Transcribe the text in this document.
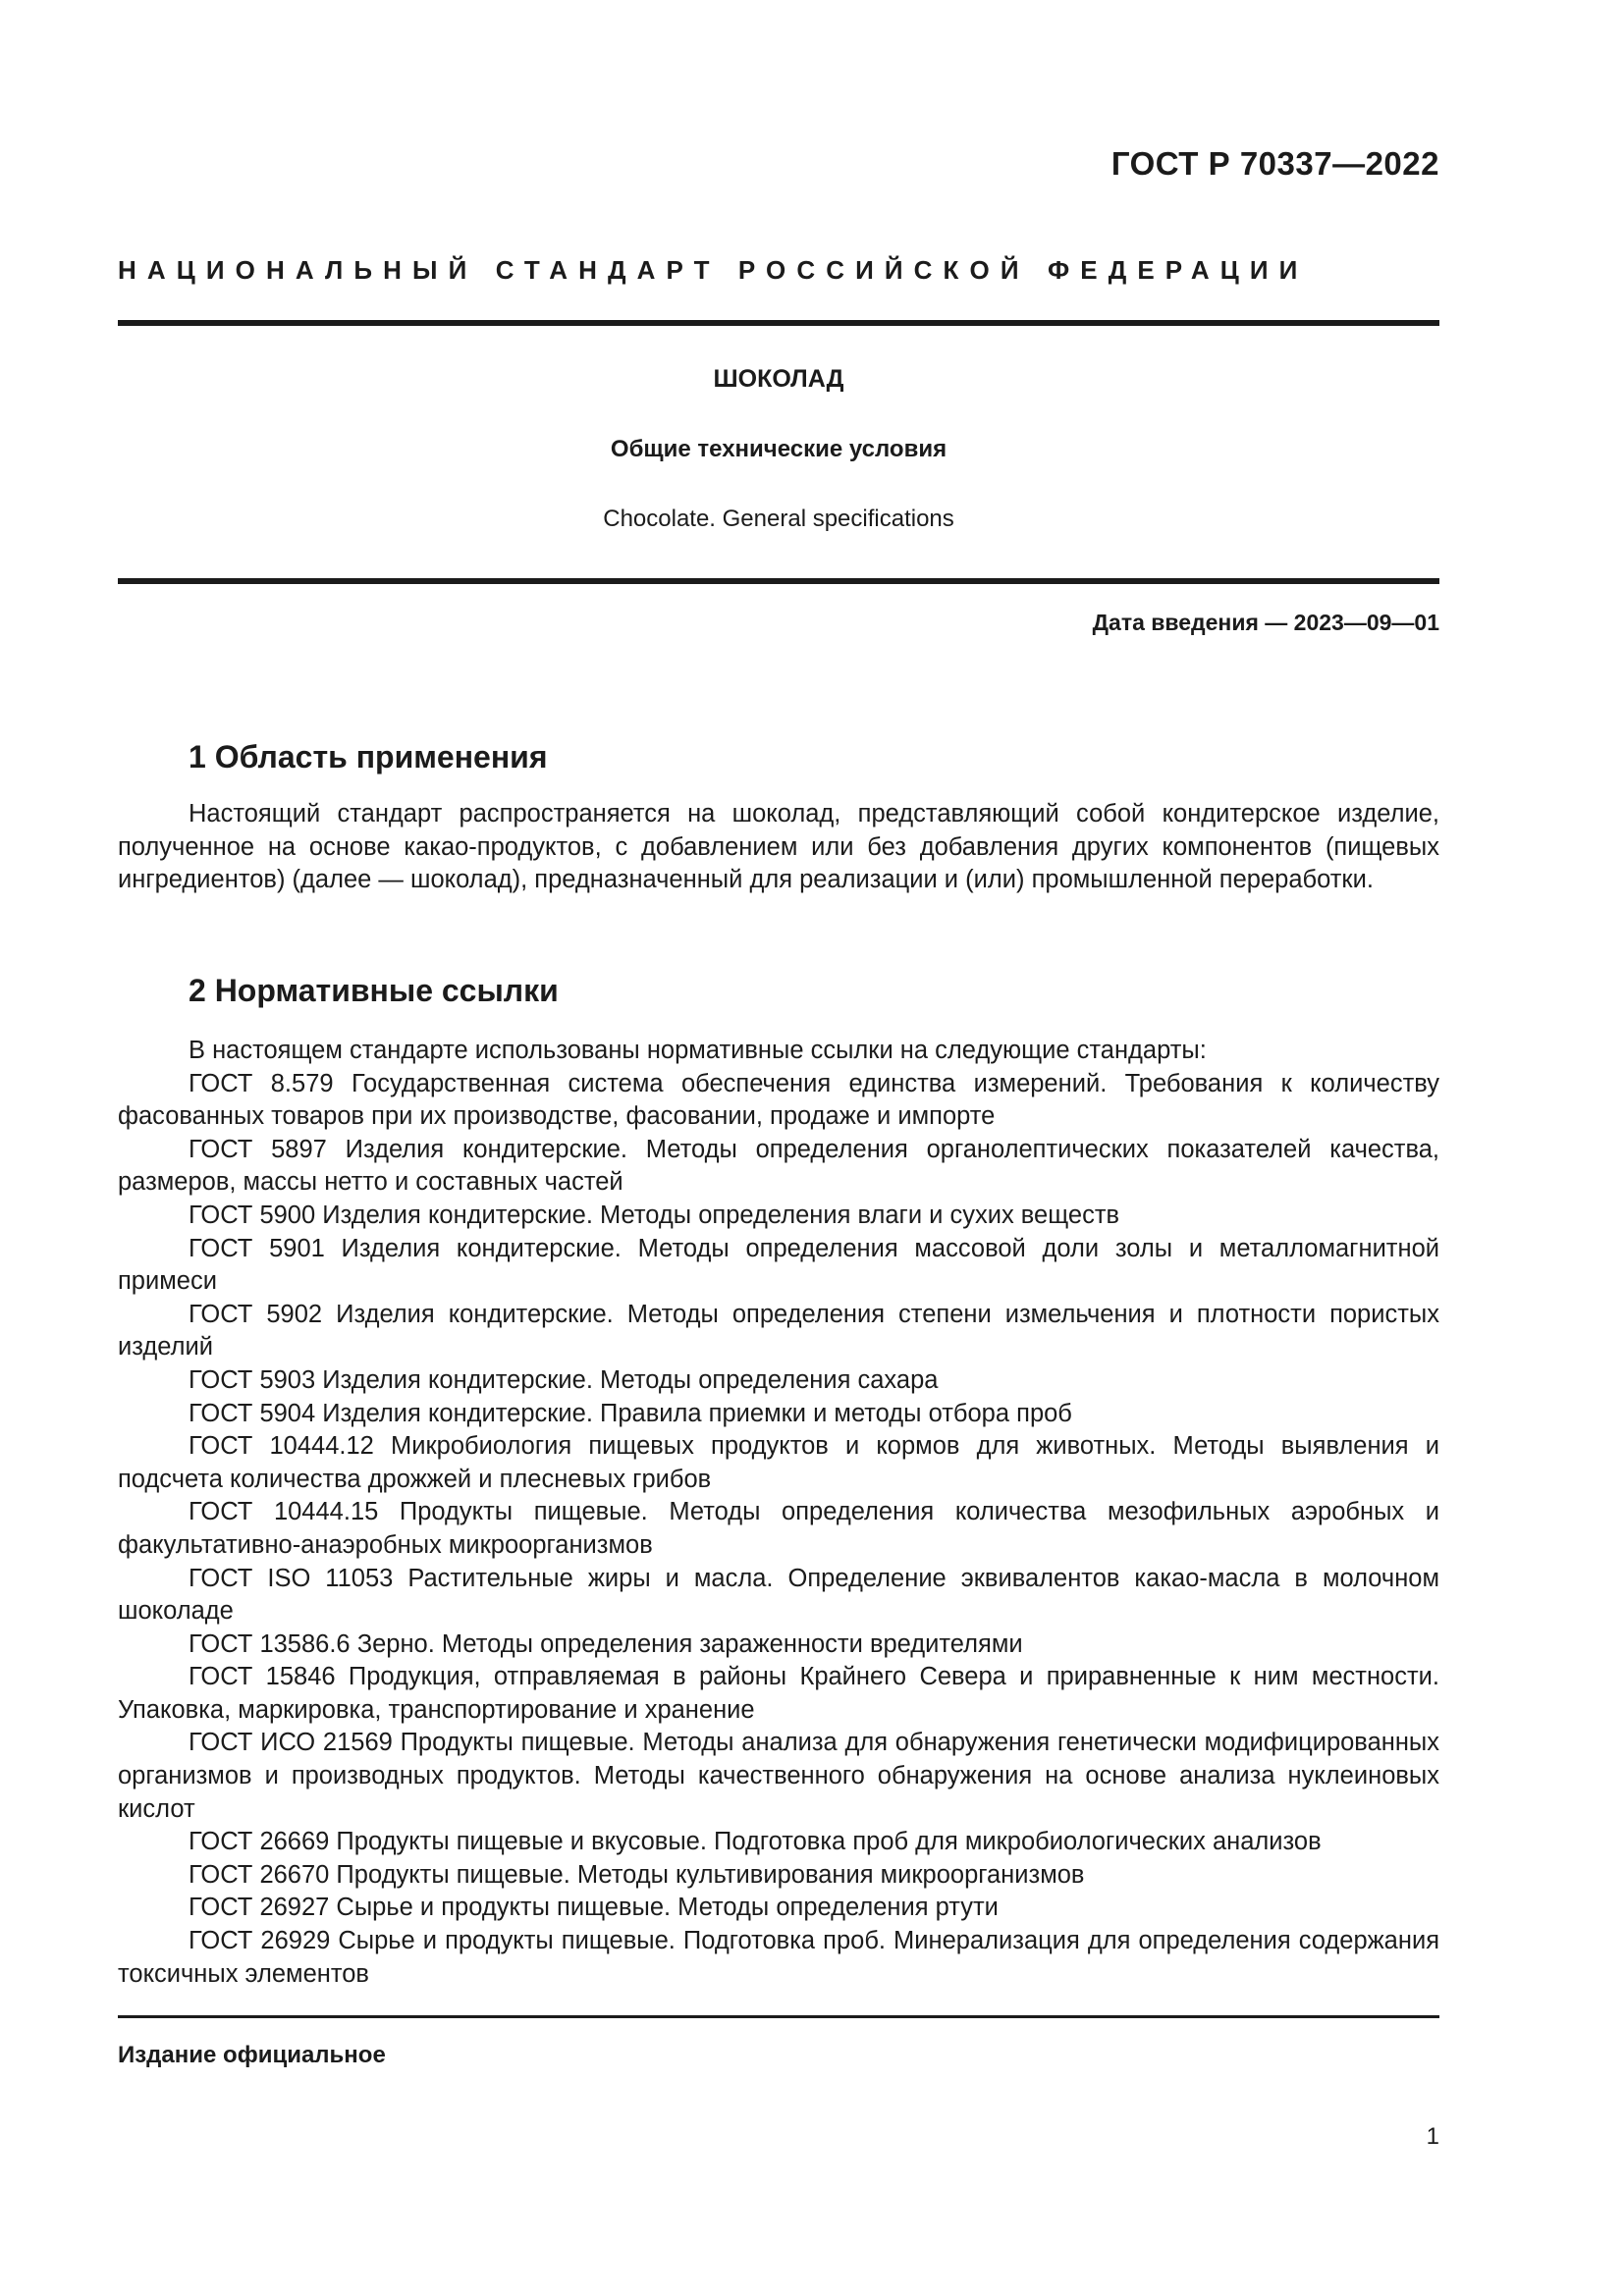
ГОСТ Р 70337—2022
НАЦИОНАЛЬНЫЙ СТАНДАРТ РОССИЙСКОЙ ФЕДЕРАЦИИ
ШОКОЛАД
Общие технические условия
Chocolate. General specifications
Дата введения — 2023—09—01
1 Область применения

Настоящий стандарт распространяется на шоколад, представляющий собой кондитерское изделие, полученное на основе какао-продуктов, с добавлением или без добавления других компонентов (пищевых ингредиентов) (далее — шоколад), предназначенный для реализации и (или) промышленной переработки.

2 Нормативные ссылки

В настоящем стандарте использованы нормативные ссылки на следующие стандарты:

ГОСТ 8.579 Государственная система обеспечения единства измерений. Требования к количеству фасованных товаров при их производстве, фасовании, продаже и импорте

ГОСТ 5897 Изделия кондитерские. Методы определения органолептических показателей качества, размеров, массы нетто и составных частей

ГОСТ 5900 Изделия кондитерские. Методы определения влаги и сухих веществ

ГОСТ 5901 Изделия кондитерские. Методы определения массовой доли золы и металломагнитной примеси

ГОСТ 5902 Изделия кондитерские. Методы определения степени измельчения и плотности пористых изделий

ГОСТ 5903 Изделия кондитерские. Методы определения сахара

ГОСТ 5904 Изделия кондитерские. Правила приемки и методы отбора проб

ГОСТ 10444.12 Микробиология пищевых продуктов и кормов для животных. Методы выявления и подсчета количества дрожжей и плесневых грибов

ГОСТ 10444.15 Продукты пищевые. Методы определения количества мезофильных аэробных и факультативно-анаэробных микроорганизмов

ГОСТ ISO 11053 Растительные жиры и масла. Определение эквивалентов какао-масла в молочном шоколаде

ГОСТ 13586.6 Зерно. Методы определения зараженности вредителями

ГОСТ 15846 Продукция, отправляемая в районы Крайнего Севера и приравненные к ним местности. Упаковка, маркировка, транспортирование и хранение

ГОСТ ИСО 21569 Продукты пищевые. Методы анализа для обнаружения генетически модифицированных организмов и производных продуктов. Методы качественного обнаружения на основе анализа нуклеиновых кислот

ГОСТ 26669 Продукты пищевые и вкусовые. Подготовка проб для микробиологических анализов

ГОСТ 26670 Продукты пищевые. Методы культивирования микроорганизмов

ГОСТ 26927 Сырье и продукты пищевые. Методы определения ртути

ГОСТ 26929 Сырье и продукты пищевые. Подготовка проб. Минерализация для определения содержания токсичных элементов

Издание официальное
1
